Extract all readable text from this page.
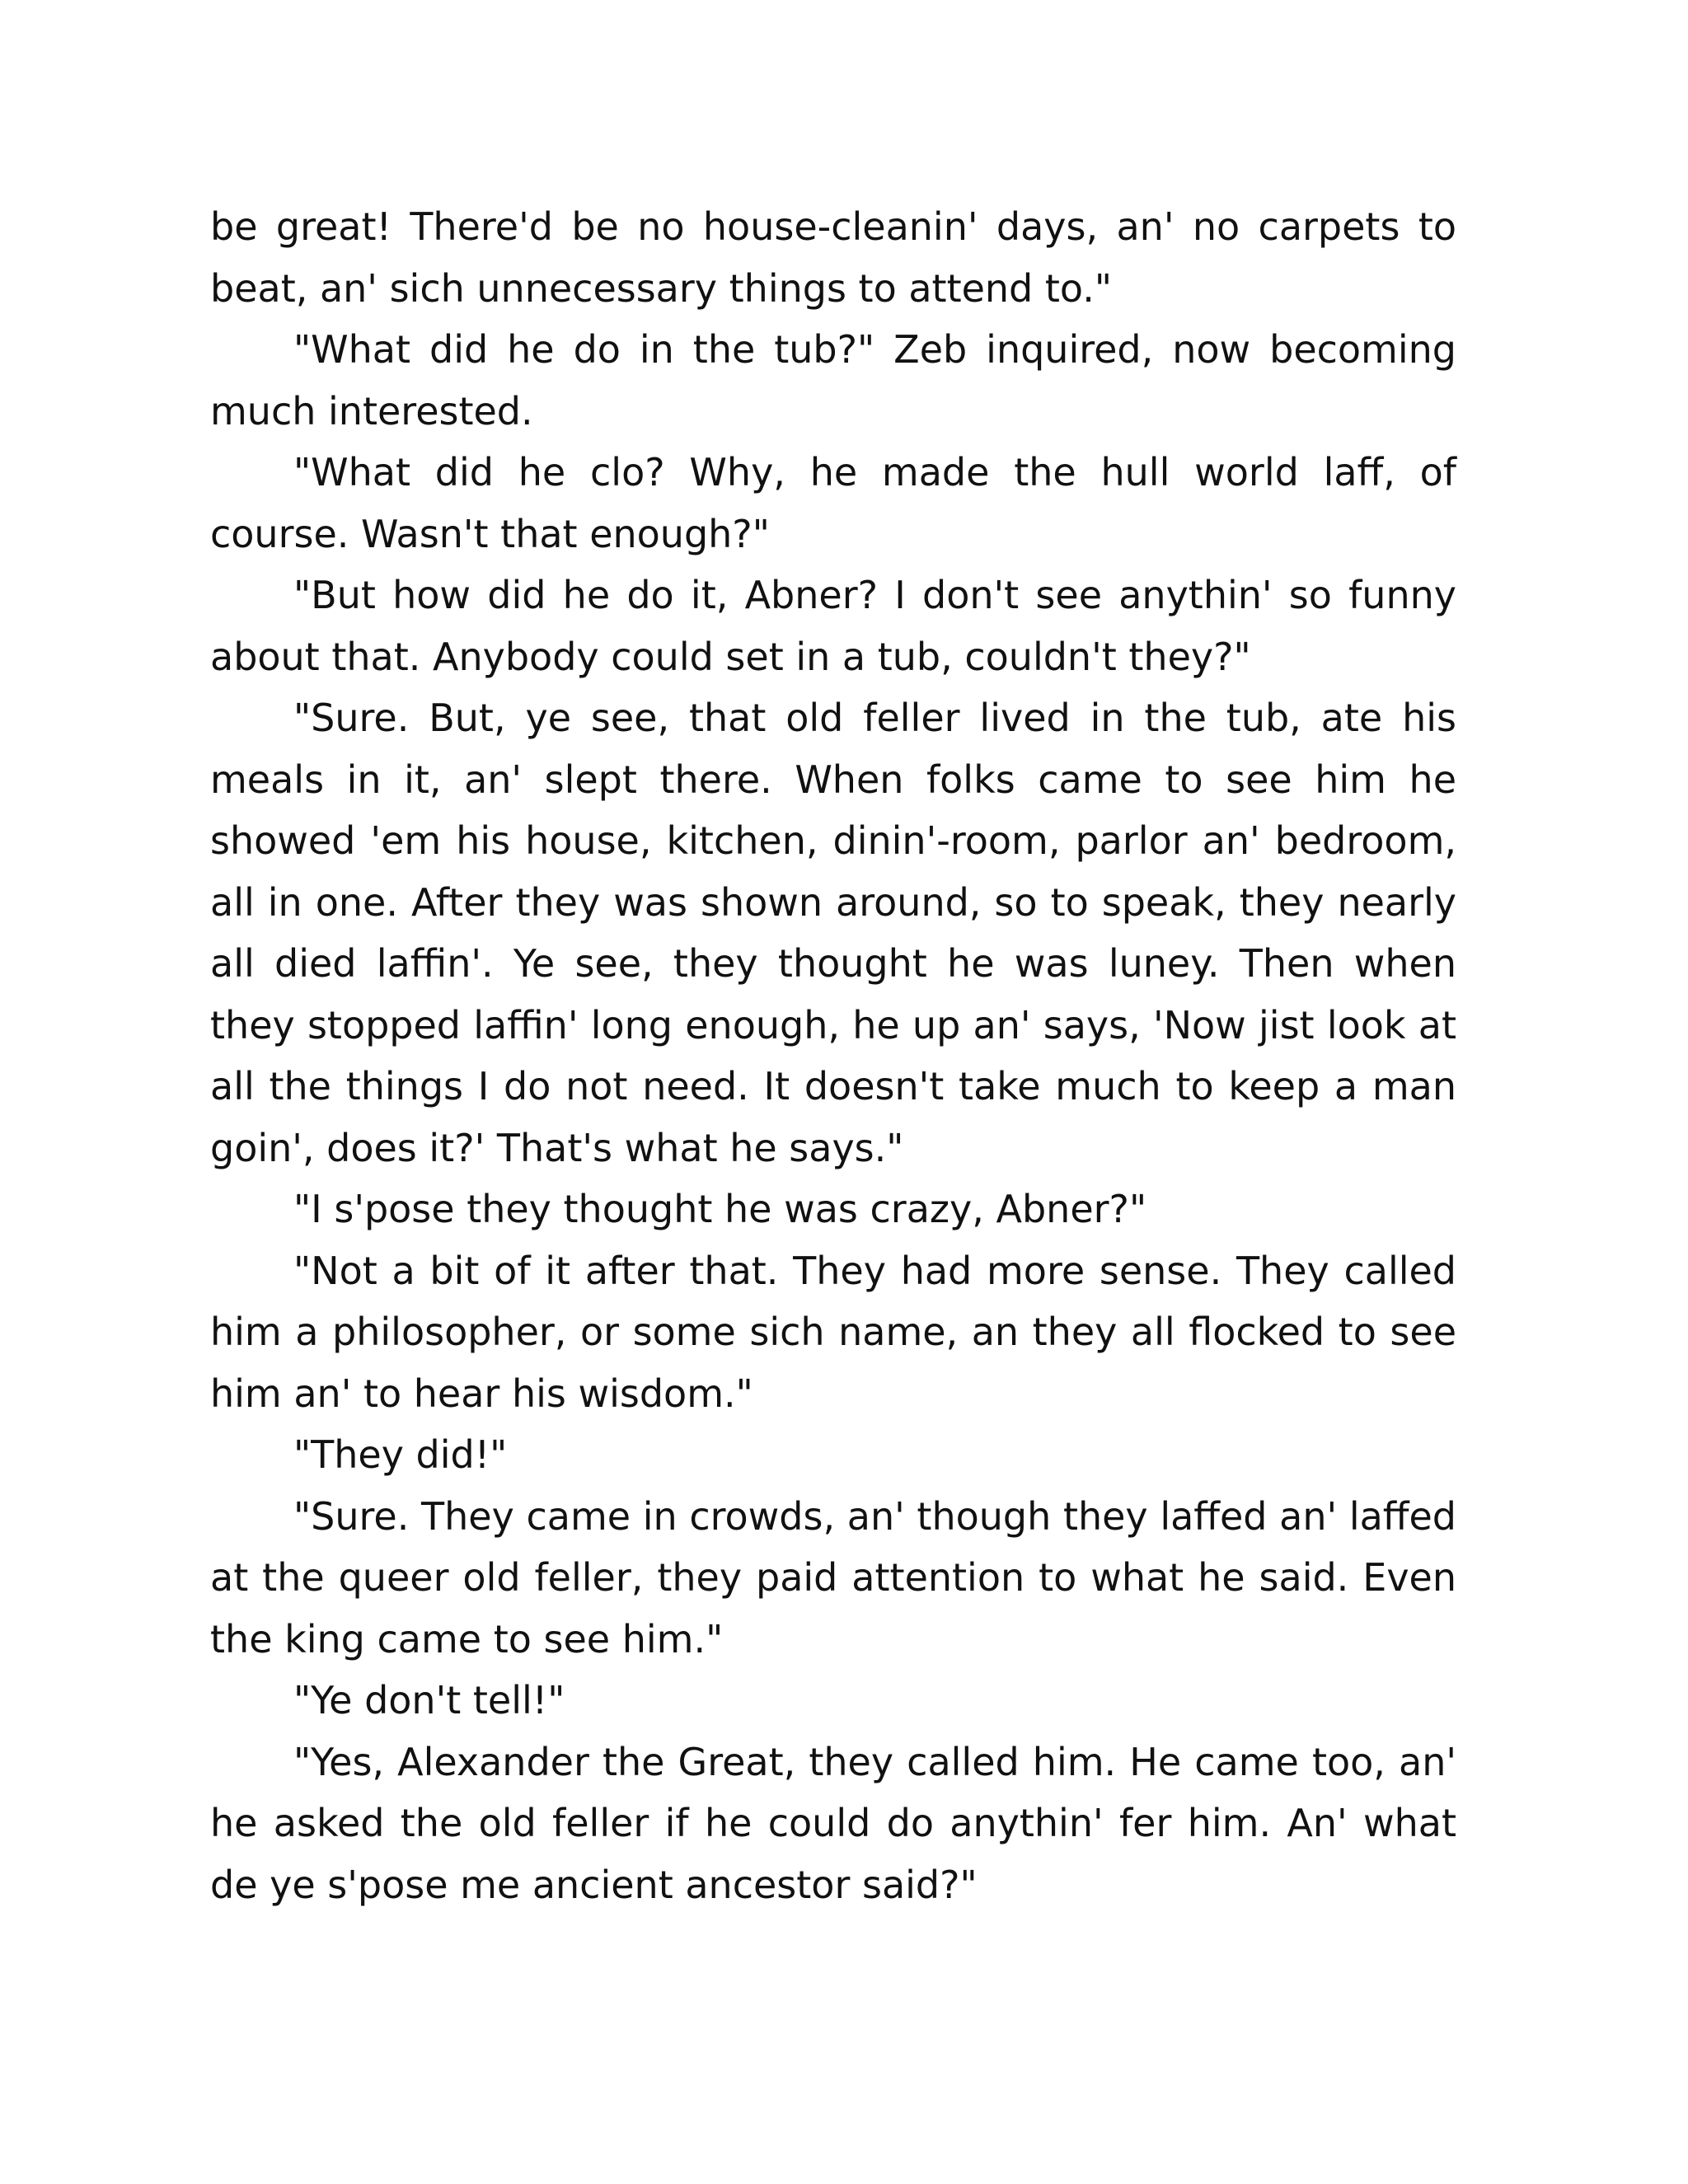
be great! There'd be no house-cleanin' days, an' no carpets to beat, an' sich unnecessary things to attend to."

"What did he do in the tub?" Zeb inquired, now becoming much interested.

"What did he clo? Why, he made the hull world laff, of course. Wasn't that enough?"

"But how did he do it, Abner? I don't see anythin' so funny about that. Anybody could set in a tub, couldn't they?"

"Sure. But, ye see, that old feller lived in the tub, ate his meals in it, an' slept there. When folks came to see him he showed 'em his house, kitchen, dinin'-room, parlor an' bedroom, all in one. After they was shown around, so to speak, they nearly all died laffin'. Ye see, they thought he was luney. Then when they stopped laffin' long enough, he up an' says, 'Now jist look at all the things I do not need. It doesn't take much to keep a man goin', does it?' That's what he says."

"I s'pose they thought he was crazy, Abner?"

"Not a bit of it after that. They had more sense. They called him a philosopher, or some sich name, an they all flocked to see him an' to hear his wisdom."

"They did!"

"Sure. They came in crowds, an' though they laffed an' laffed at the queer old feller, they paid attention to what he said. Even the king came to see him."

"Ye don't tell!"

"Yes, Alexander the Great, they called him. He came too, an' he asked the old feller if he could do anythin' fer him. An' what de ye s'pose me ancient ancestor said?"
